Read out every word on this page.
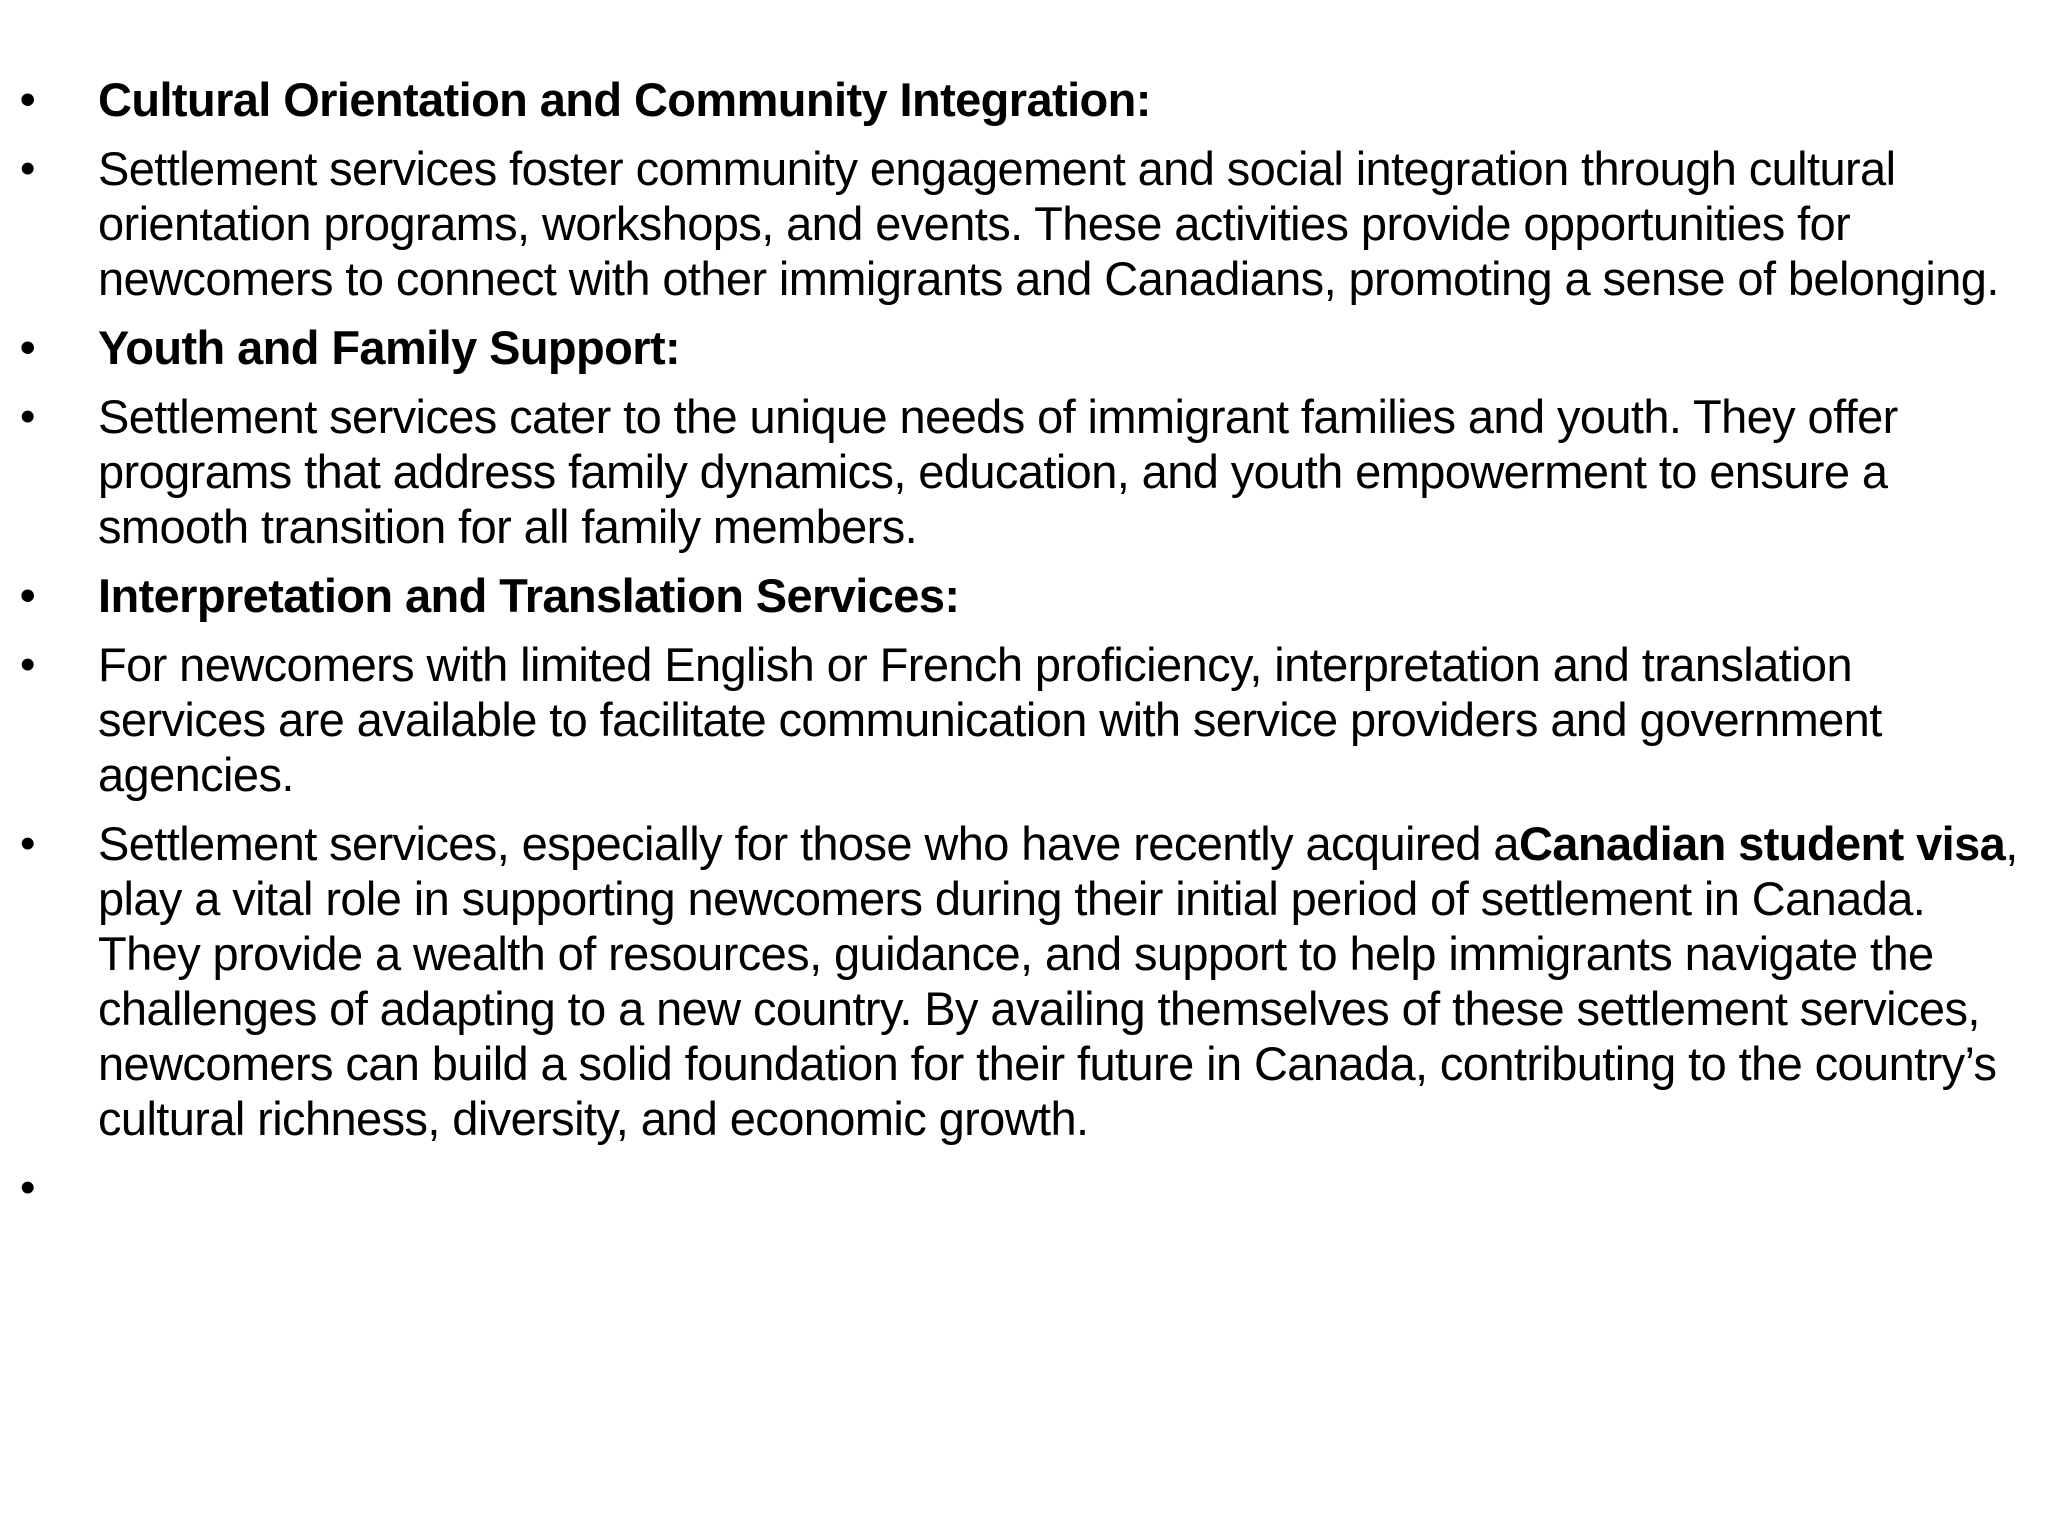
• Cultural Orientation and Community Integration:
• Settlement services foster community engagement and social integration through cultural orientation programs, workshops, and events. These activities provide opportunities for newcomers to connect with other immigrants and Canadians, promoting a sense of belonging.
• Youth and Family Support:
• Settlement services cater to the unique needs of immigrant families and youth. They offer programs that address family dynamics, education, and youth empowerment to ensure a smooth transition for all family members.
• Interpretation and Translation Services:
• For newcomers with limited English or French proficiency, interpretation and translation services are available to facilitate communication with service providers and government agencies.
• Settlement services, especially for those who have recently acquired aCanadian student visa, play a vital role in supporting newcomers during their initial period of settlement in Canada. They provide a wealth of resources, guidance, and support to help immigrants navigate the challenges of adapting to a new country. By availing themselves of these settlement services, newcomers can build a solid foundation for their future in Canada, contributing to the country’s cultural richness, diversity, and economic growth.
•
